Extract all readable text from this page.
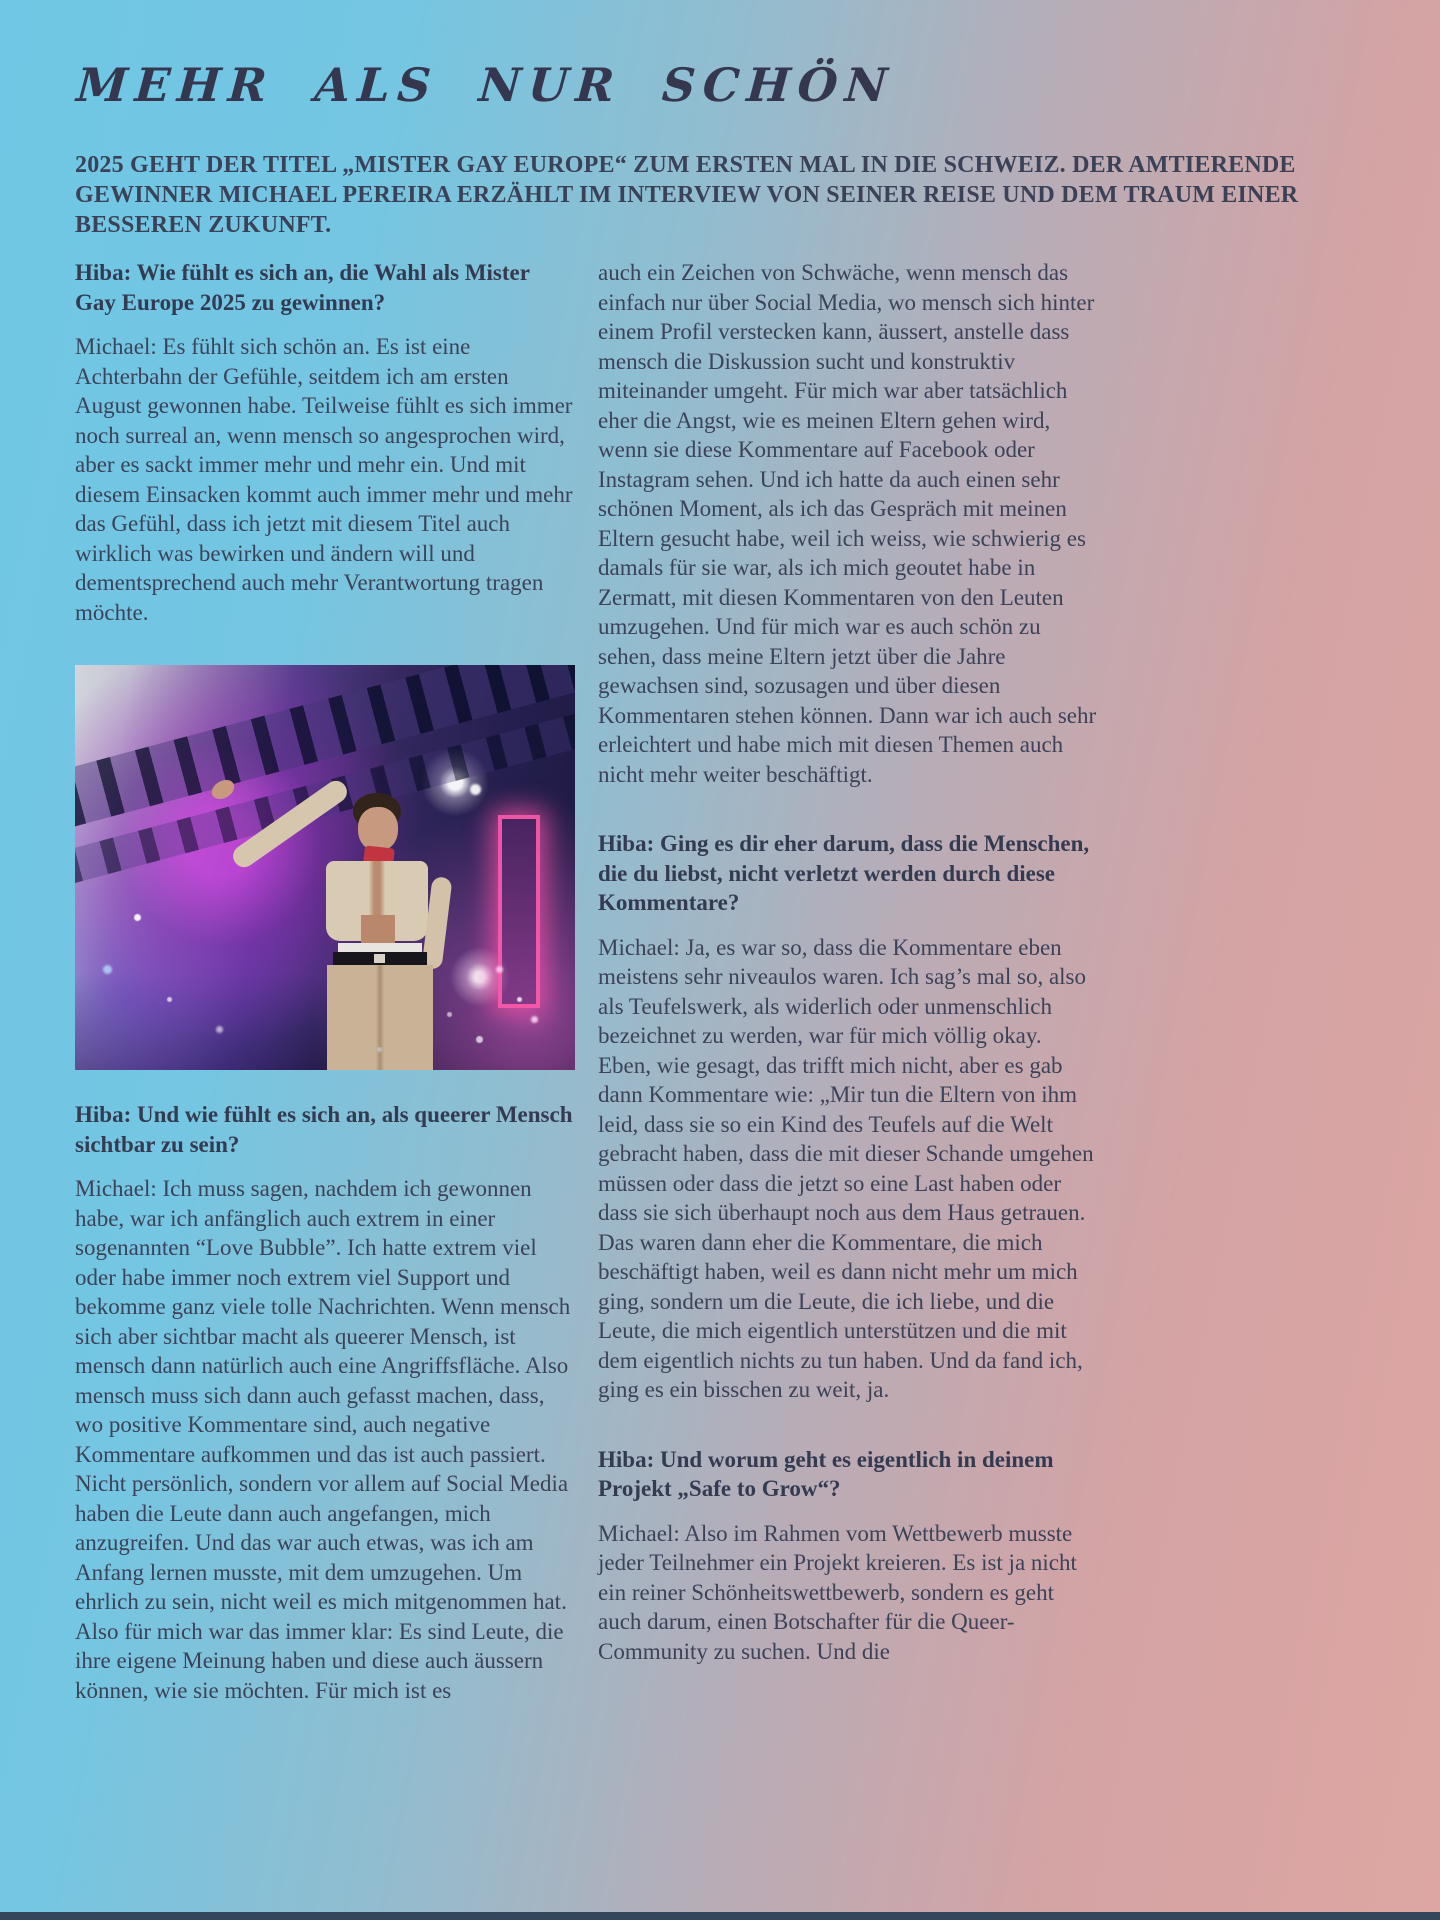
MEHR ALS NUR SCHÖN
2025 GEHT DER TITEL „MISTER GAY EUROPE“ ZUM ERSTEN MAL IN DIE SCHWEIZ. DER AMTIERENDE GEWINNER MICHAEL PEREIRA ERZÄHLT IM INTERVIEW VON SEINER REISE UND DEM TRAUM EINER BESSEREN ZUKUNFT.

Hiba: Wie fühlt es sich an, die Wahl als Mister Gay Europe 2025 zu gewinnen?

Michael: Es fühlt sich schön an. Es ist eine Achterbahn der Gefühle, seitdem ich am ersten August gewonnen habe. Teilweise fühlt es sich immer noch surreal an, wenn mensch so angesprochen wird, aber es sackt immer mehr und mehr ein. Und mit diesem Einsacken kommt auch immer mehr und mehr das Gefühl, dass ich jetzt mit diesem Titel auch wirklich was bewirken und ändern will und dementsprechend auch mehr Verantwortung tragen möchte.

Hiba: Und wie fühlt es sich an, als queerer Mensch sichtbar zu sein?

Michael: Ich muss sagen, nachdem ich gewonnen habe, war ich anfänglich auch extrem in einer sogenannten “Love Bubble”. Ich hatte extrem viel oder habe immer noch extrem viel Support und bekomme ganz viele tolle Nachrichten. Wenn mensch sich aber sichtbar macht als queerer Mensch, ist mensch dann natürlich auch eine Angriffsfläche. Also mensch muss sich dann auch gefasst machen, dass, wo positive Kommentare sind, auch negative Kommentare aufkommen und das ist auch passiert. Nicht persönlich, sondern vor allem auf Social Media haben die Leute dann auch angefangen, mich anzugreifen. Und das war auch etwas, was ich am Anfang lernen musste, mit dem umzugehen. Um ehrlich zu sein, nicht weil es mich mitgenommen hat. Also für mich war das immer klar: Es sind Leute, die ihre eigene Meinung haben und diese auch äussern können, wie sie möchten. Für mich ist es

auch ein Zeichen von Schwäche, wenn mensch das einfach nur über Social Media, wo mensch sich hinter einem Profil verstecken kann, äussert, anstelle dass mensch die Diskussion sucht und konstruktiv miteinander umgeht. Für mich war aber tatsächlich eher die Angst, wie es meinen Eltern gehen wird, wenn sie diese Kommentare auf Facebook oder Instagram sehen. Und ich hatte da auch einen sehr schönen Moment, als ich das Gespräch mit meinen Eltern gesucht habe, weil ich weiss, wie schwierig es damals für sie war, als ich mich geoutet habe in Zermatt, mit diesen Kommentaren von den Leuten umzugehen. Und für mich war es auch schön zu sehen, dass meine Eltern jetzt über die Jahre gewachsen sind, sozusagen und über diesen Kommentaren stehen können. Dann war ich auch sehr erleichtert und habe mich mit diesen Themen auch nicht mehr weiter beschäftigt.

Hiba: Ging es dir eher darum, dass die Menschen, die du liebst, nicht verletzt werden durch diese Kommentare?

Michael: Ja, es war so, dass die Kommentare eben meistens sehr niveaulos waren. Ich sag’s mal so, also als Teufelswerk, als widerlich oder unmenschlich bezeichnet zu werden, war für mich völlig okay. Eben, wie gesagt, das trifft mich nicht, aber es gab dann Kommentare wie: „Mir tun die Eltern von ihm leid, dass sie so ein Kind des Teufels auf die Welt gebracht haben, dass die mit dieser Schande umgehen müssen oder dass die jetzt so eine Last haben oder dass sie sich überhaupt noch aus dem Haus getrauen. Das waren dann eher die Kommentare, die mich beschäftigt haben, weil es dann nicht mehr um mich ging, sondern um die Leute, die ich liebe, und die Leute, die mich eigentlich unterstützen und die mit dem eigentlich nichts zu tun haben. Und da fand ich, ging es ein bisschen zu weit, ja.

Hiba: Und worum geht es eigentlich in deinem Projekt „Safe to Grow“?

Michael: Also im Rahmen vom Wettbewerb musste jeder Teilnehmer ein Projekt kreieren. Es ist ja nicht ein reiner Schönheitswettbewerb, sondern es geht auch darum, einen Botschafter für die Queer-Community zu suchen. Und die
